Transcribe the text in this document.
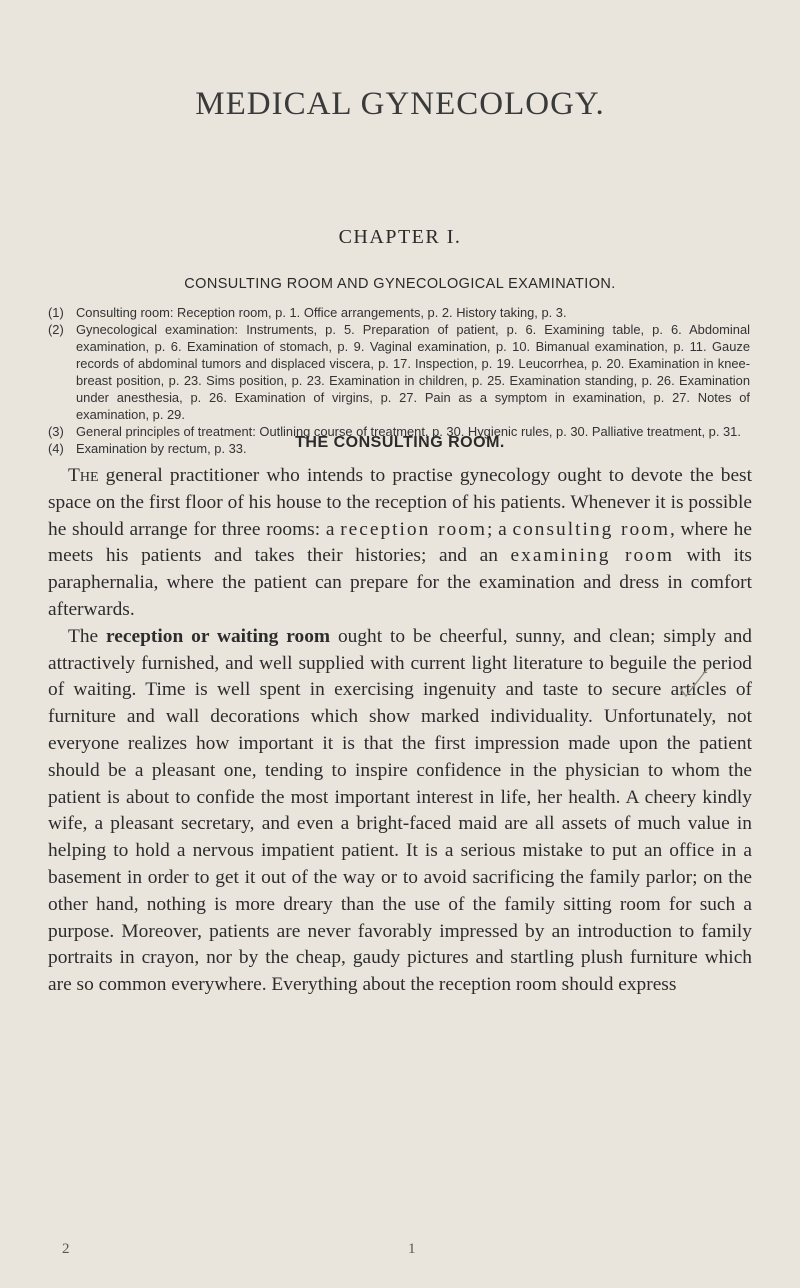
MEDICAL GYNECOLOGY.
CHAPTER I.
CONSULTING ROOM AND GYNECOLOGICAL EXAMINATION.
(1) Consulting room: Reception room, p. 1. Office arrangements, p. 2. History taking, p. 3.
(2) Gynecological examination: Instruments, p. 5. Preparation of patient, p. 6. Examining table, p. 6. Abdominal examination, p. 6. Examination of stomach, p. 9. Vaginal examination, p. 10. Bimanual examination, p. 11. Gauze records of abdominal tumors and displaced viscera, p. 17. Inspection, p. 19. Leucorrhea, p. 20. Examination in knee-breast position, p. 23. Sims position, p. 23. Examination in children, p. 25. Examination standing, p. 26. Examination under anesthesia, p. 26. Examination of virgins, p. 27. Pain as a symptom in examination, p. 27. Notes of examination, p. 29.
(3) General principles of treatment: Outlining course of treatment, p. 30. Hygienic rules, p. 30. Palliative treatment, p. 31.
(4) Examination by rectum, p. 33.	THE CONSULTING ROOM.

The general practitioner who intends to practise gynecology ought to devote the best space on the first floor of his house to the reception of his patients. Whenever it is possible he should arrange for three rooms: a reception room; a consulting room, where he meets his patients and takes their histories; and an examining room with its paraphernalia, where the patient can prepare for the examination and dress in comfort afterwards.

The reception or waiting room ought to be cheerful, sunny, and clean; simply and attractively furnished, and well supplied with current light literature to beguile the period of waiting. Time is well spent in exercising ingenuity and taste to secure articles of furniture and wall decorations which show marked individuality. Unfortunately, not everyone realizes how important it is that the first impression made upon the patient should be a pleasant one, tending to inspire confidence in the physician to whom the patient is about to confide the most important interest in life, her health. A cheery kindly wife, a pleasant secretary, and even a bright-faced maid are all assets of much value in helping to hold a nervous impatient patient. It is a serious mistake to put an office in a basement in order to get it out of the way or to avoid sacrificing the family parlor; on the other hand, nothing is more dreary than the use of the family sitting room for such a purpose. Moreover, patients are never favorably impressed by an introduction to family portraits in crayon, nor by the cheap, gaudy pictures and startling plush furniture which are so common everywhere. Everything about the reception room should express

2	1
